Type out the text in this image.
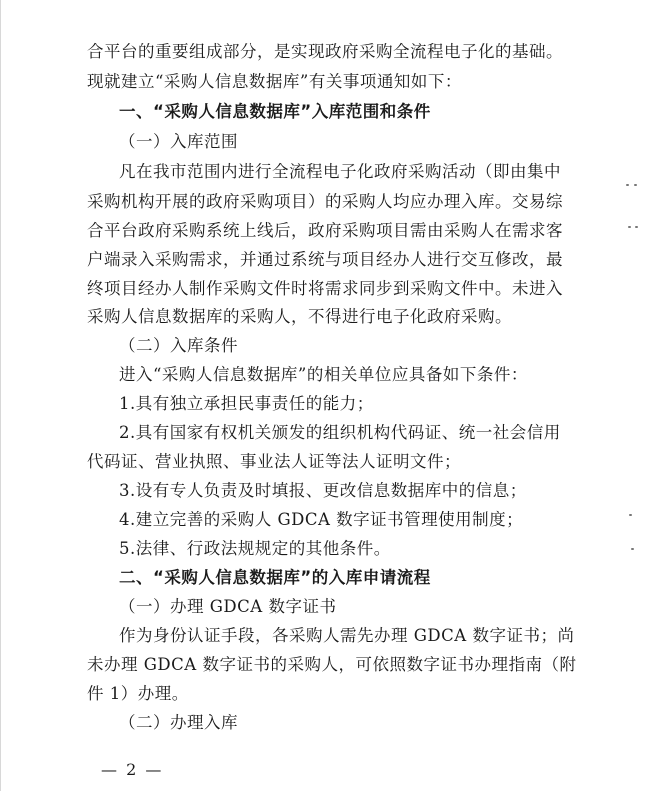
合平台的重要组成部分，是实现政府采购全流程电子化的基础。
现就建立“采购人信息数据库”有关事项通知如下：
一、“采购人信息数据库”入库范围和条件
（一）入库范围
凡在我市范围内进行全流程电子化政府采购活动（即由集中
采购机构开展的政府采购项目）的采购人均应办理入库。交易综
合平台政府采购系统上线后，政府采购项目需由采购人在需求客
户端录入采购需求，并通过系统与项目经办人进行交互修改，最
终项目经办人制作采购文件时将需求同步到采购文件中。未进入
采购人信息数据库的采购人，不得进行电子化政府采购。
（二）入库条件
进入“采购人信息数据库”的相关单位应具备如下条件：
1.具有独立承担民事责任的能力；
2.具有国家有权机关颁发的组织机构代码证、统一社会信用
代码证、营业执照、事业法人证等法人证明文件；
3.设有专人负责及时填报、更改信息数据库中的信息；
4.建立完善的采购人 GDCA 数字证书管理使用制度；
5.法律、行政法规规定的其他条件。
二、“采购人信息数据库”的入库申请流程
（一）办理 GDCA 数字证书
作为身份认证手段，各采购人需先办理 GDCA 数字证书；尚
未办理 GDCA 数字证书的采购人，可依照数字证书办理指南（附
件 1）办理。
（二）办理入库
— 2 —
